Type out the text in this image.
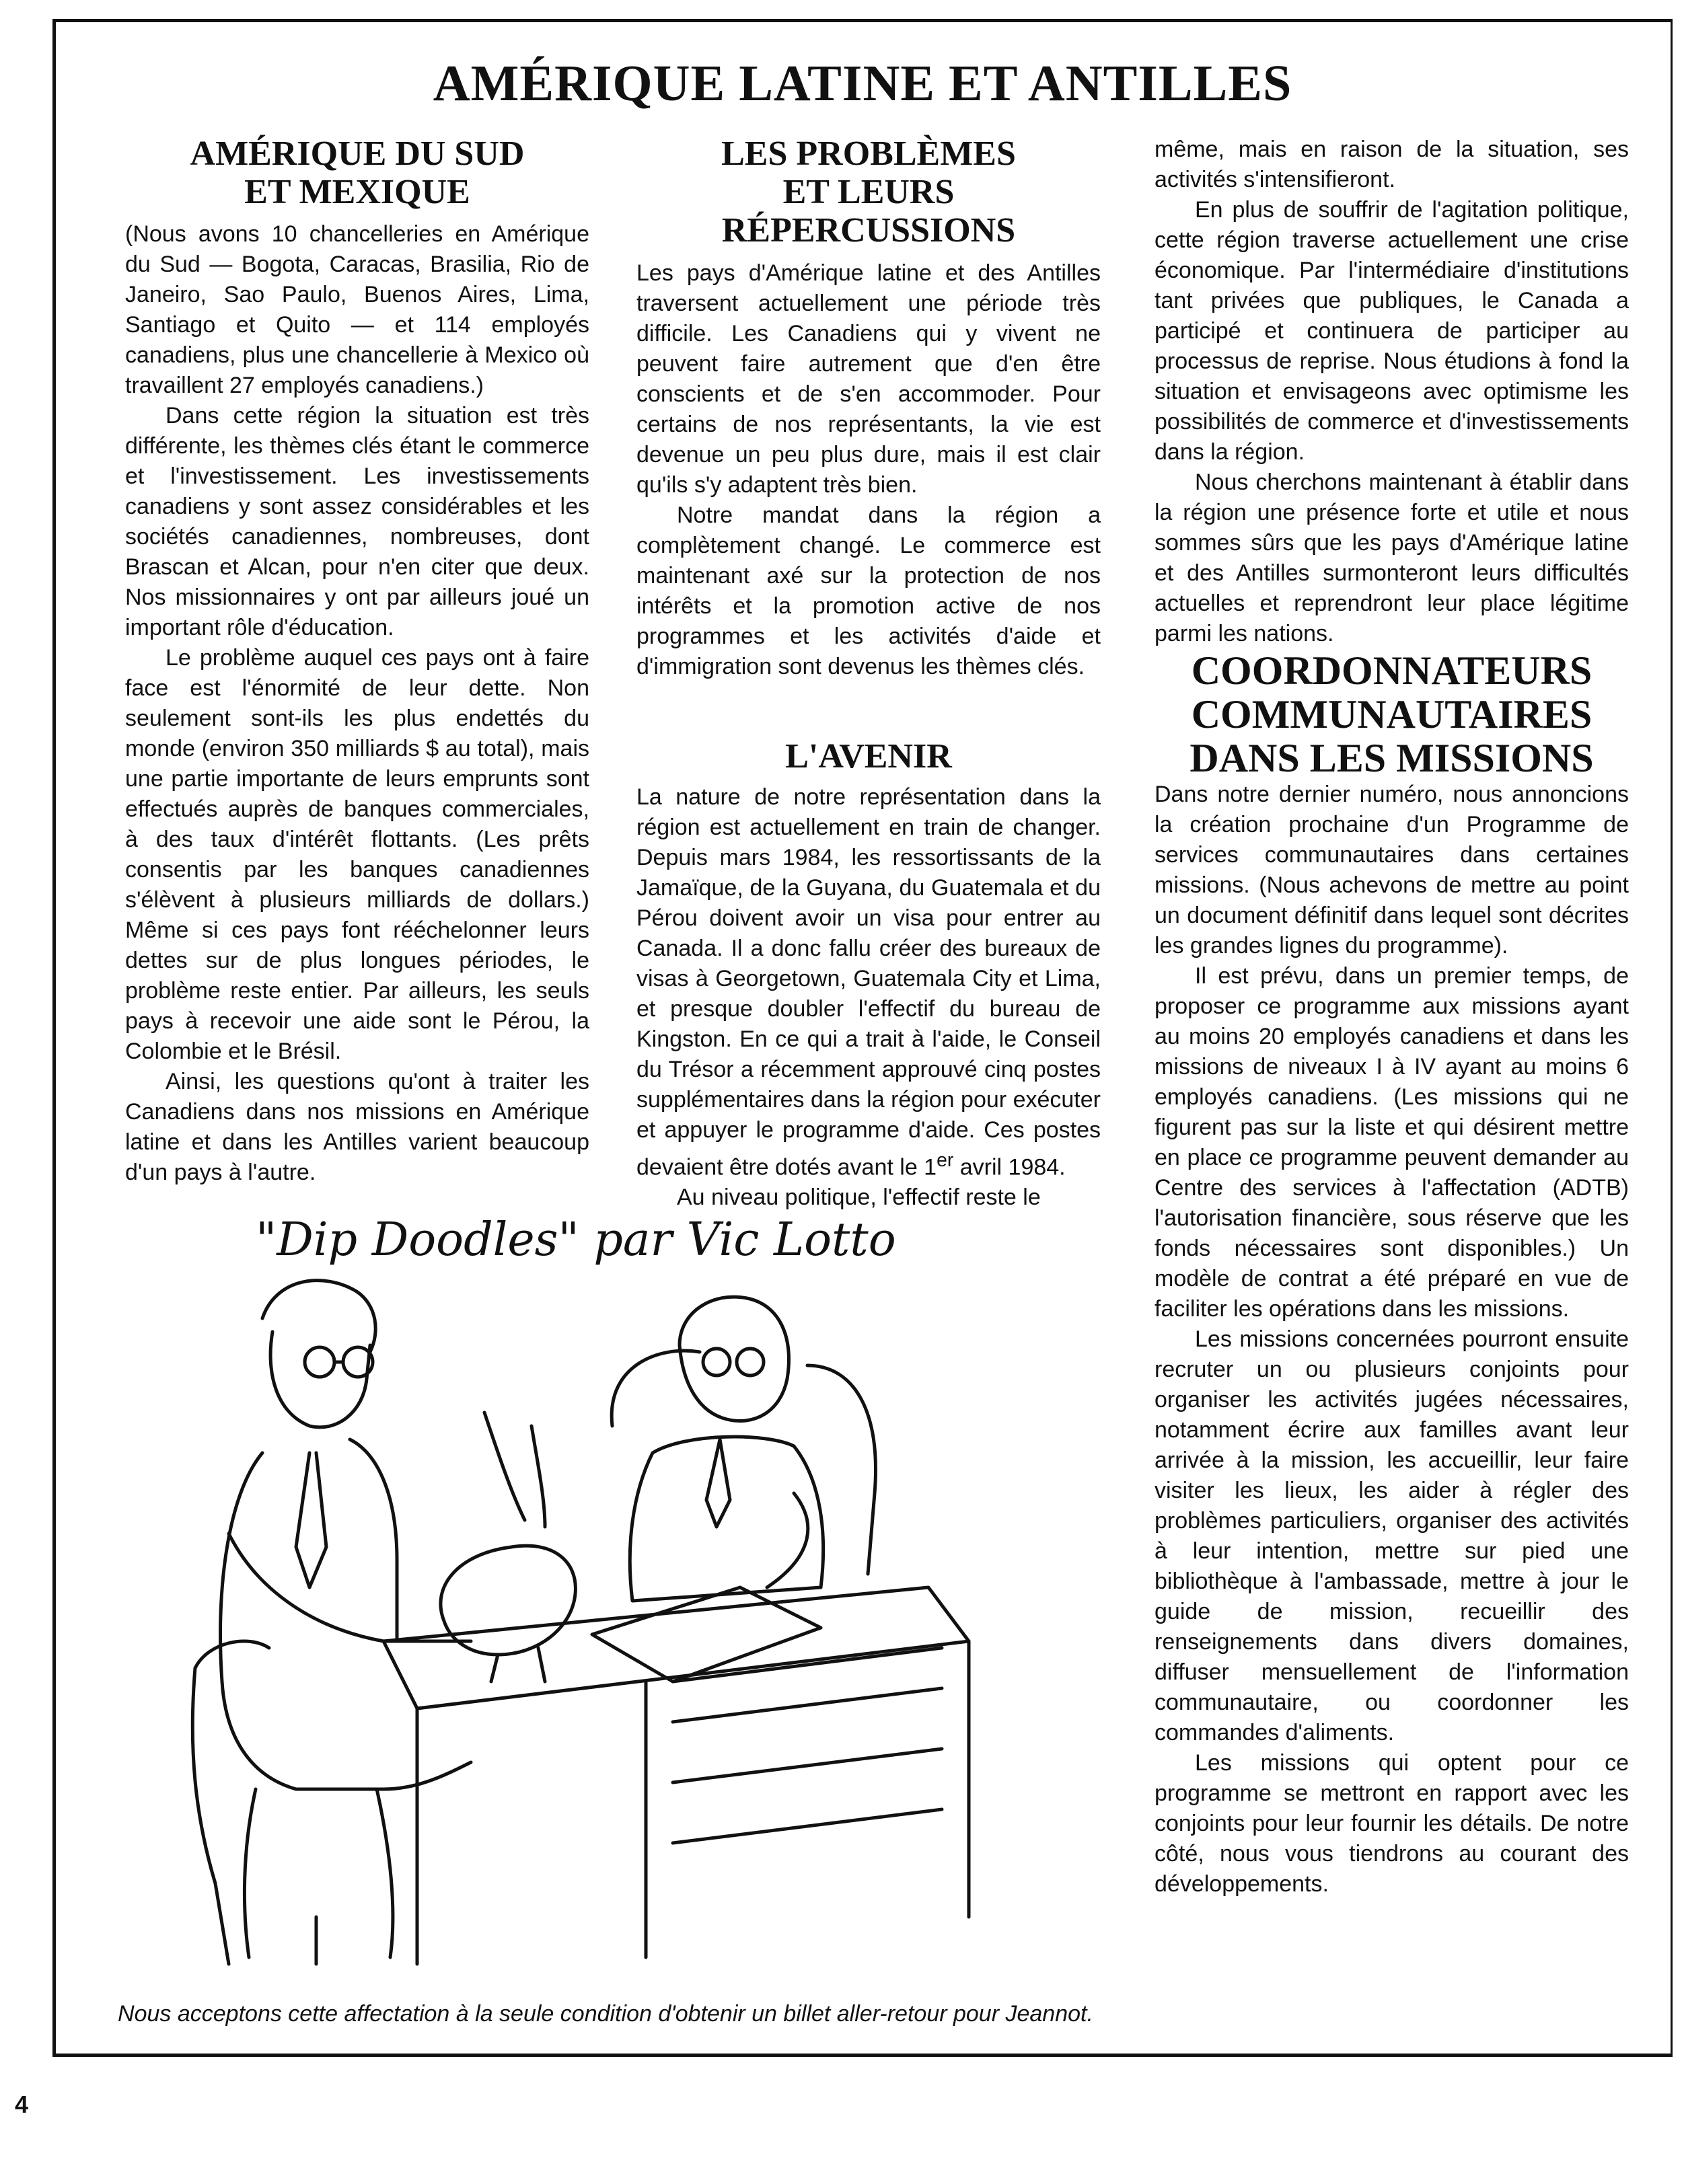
AMÉRIQUE LATINE ET ANTILLES
AMÉRIQUE DU SUD
ET MEXIQUE

(Nous avons 10 chancelleries en Amérique du Sud — Bogota, Caracas, Brasilia, Rio de Janeiro, Sao Paulo, Buenos Aires, Lima, Santiago et Quito — et 114 employés canadiens, plus une chancellerie à Mexico où travaillent 27 employés canadiens.)

Dans cette région la situation est très différente, les thèmes clés étant le commerce et l'investissement. Les investissements canadiens y sont assez considérables et les sociétés canadiennes, nombreuses, dont Brascan et Alcan, pour n'en citer que deux. Nos missionnaires y ont par ailleurs joué un important rôle d'éducation.

Le problème auquel ces pays ont à faire face est l'énormité de leur dette. Non seulement sont-ils les plus endettés du monde (environ 350 milliards $ au total), mais une partie importante de leurs emprunts sont effectués auprès de banques commerciales, à des taux d'intérêt flottants. (Les prêts consentis par les banques canadiennes s'élèvent à plusieurs milliards de dollars.) Même si ces pays font rééchelonner leurs dettes sur de plus longues périodes, le problème reste entier. Par ailleurs, les seuls pays à recevoir une aide sont le Pérou, la Colombie et le Brésil.

Ainsi, les questions qu'ont à traiter les Canadiens dans nos missions en Amérique latine et dans les Antilles varient beaucoup d'un pays à l'autre.

LES PROBLÈMES
ET LEURS RÉPERCUSSIONS

Les pays d'Amérique latine et des Antilles traversent actuellement une période très difficile. Les Canadiens qui y vivent ne peuvent faire autrement que d'en être conscients et de s'en accommoder. Pour certains de nos représentants, la vie est devenue un peu plus dure, mais il est clair qu'ils s'y adaptent très bien.

Notre mandat dans la région a complètement changé. Le commerce est maintenant axé sur la protection de nos intérêts et la promotion active de nos programmes et les activités d'aide et d'immigration sont devenus les thèmes clés.

L'AVENIR

La nature de notre représentation dans la région est actuellement en train de changer. Depuis mars 1984, les ressortissants de la Jamaïque, de la Guyana, du Guatemala et du Pérou doivent avoir un visa pour entrer au Canada. Il a donc fallu créer des bureaux de visas à Georgetown, Guatemala City et Lima, et presque doubler l'effectif du bureau de Kingston. En ce qui a trait à l'aide, le Conseil du Trésor a récemment approuvé cinq postes supplémentaires dans la région pour exécuter et appuyer le programme d'aide. Ces postes devaient être dotés avant le 1er avril 1984.

Au niveau politique, l'effectif reste le

même, mais en raison de la situation, ses activités s'intensifieront.

En plus de souffrir de l'agitation politique, cette région traverse actuellement une crise économique. Par l'intermédiaire d'institutions tant privées que publiques, le Canada a participé et continuera de participer au processus de reprise. Nous étudions à fond la situation et envisageons avec optimisme les possibilités de commerce et d'investissements dans la région.

Nous cherchons maintenant à établir dans la région une présence forte et utile et nous sommes sûrs que les pays d'Amérique latine et des Antilles surmonteront leurs difficultés actuelles et reprendront leur place légitime parmi les nations.

COORDONNATEURS
COMMUNAUTAIRES
DANS LES MISSIONS

Dans notre dernier numéro, nous annoncions la création prochaine d'un Programme de services communautaires dans certaines missions. (Nous achevons de mettre au point un document définitif dans lequel sont décrites les grandes lignes du programme).

Il est prévu, dans un premier temps, de proposer ce programme aux missions ayant au moins 20 employés canadiens et dans les missions de niveaux I à IV ayant au moins 6 employés canadiens. (Les missions qui ne figurent pas sur la liste et qui désirent mettre en place ce programme peuvent demander au Centre des services à l'affectation (ADTB) l'autorisation financière, sous réserve que les fonds nécessaires sont disponibles.) Un modèle de contrat a été préparé en vue de faciliter les opérations dans les missions.

Les missions concernées pourront ensuite recruter un ou plusieurs conjoints pour organiser les activités jugées nécessaires, notamment écrire aux familles avant leur arrivée à la mission, les accueillir, leur faire visiter les lieux, les aider à régler des problèmes particuliers, organiser des activités à leur intention, mettre sur pied une bibliothèque à l'ambassade, mettre à jour le guide de mission, recueillir des renseignements dans divers domaines, diffuser mensuellement de l'information communautaire, ou coordonner les commandes d'aliments.

Les missions qui optent pour ce programme se mettront en rapport avec les conjoints pour leur fournir les détails. De notre côté, nous vous tiendrons au courant des développements.

"Dip Doodles" par Vic Lotto

Nous acceptons cette affectation à la seule condition d'obtenir un billet aller-retour pour Jeannot.

4
